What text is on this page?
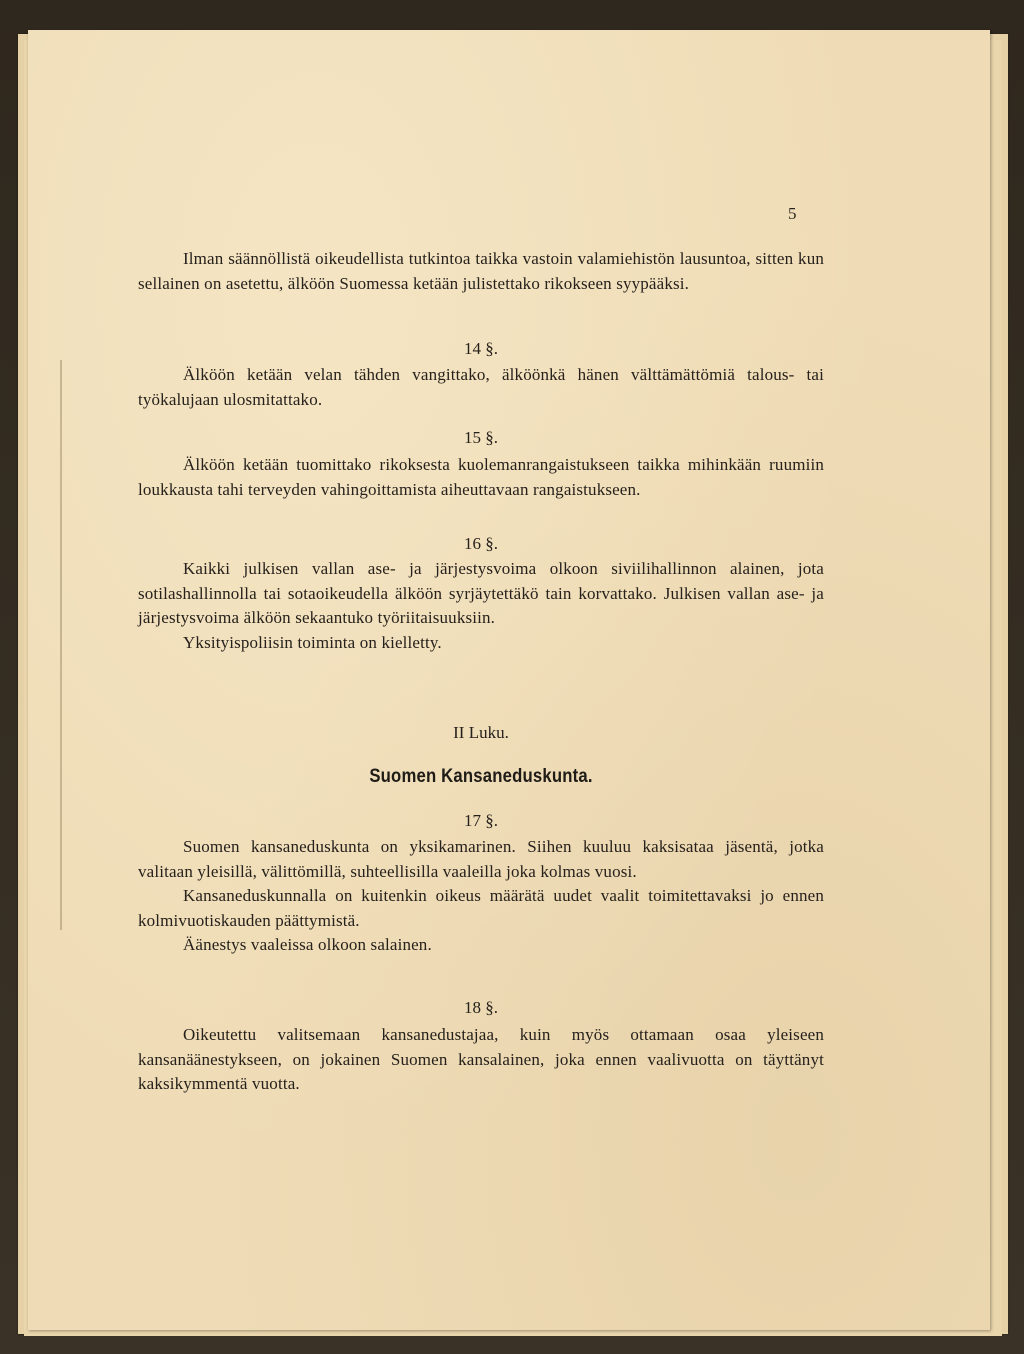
5

Ilman säännöllistä oikeudellista tutkintoa taikka vastoin valamiehistön lausuntoa, sitten kun sellainen on asetettu, älköön Suomessa ketään julistettako rikokseen syypääksi.

14 §.

Älköön ketään velan tähden vangittako, älköönkä hänen välttämättömiä talous- tai työkalujaan ulosmitattako.

15 §.

Älköön ketään tuomittako rikoksesta kuolemanrangaistukseen taikka mihinkään ruumiin loukkausta tahi terveyden vahingoittamista aiheuttavaan rangaistukseen.

16 §.

Kaikki julkisen vallan ase- ja järjestysvoima olkoon siviilihallinnon alainen, jota sotilashallinnolla tai sotaoikeudella älköön syrjäytettäkö tain korvattako. Julkisen vallan ase- ja järjestysvoima älköön sekaantuko työriitaisuuksiin.

Yksityispoliisin toiminta on kielletty.

II Luku.

Suomen Kansaneduskunta.

17 §.

Suomen kansaneduskunta on yksikamarinen. Siihen kuuluu kaksisataa jäsentä, jotka valitaan yleisillä, välittömillä, suhteellisilla vaaleilla joka kolmas vuosi.

Kansaneduskunnalla on kuitenkin oikeus määrätä uudet vaalit toimitettavaksi jo ennen kolmivuotiskauden päättymistä.

Äänestys vaaleissa olkoon salainen.

18 §.

Oikeutettu valitsemaan kansanedustajaa, kuin myös ottamaan osaa yleiseen kansanäänestykseen, on jokainen Suomen kansalainen, joka ennen vaalivuotta on täyttänyt kaksikymmentä vuotta.
